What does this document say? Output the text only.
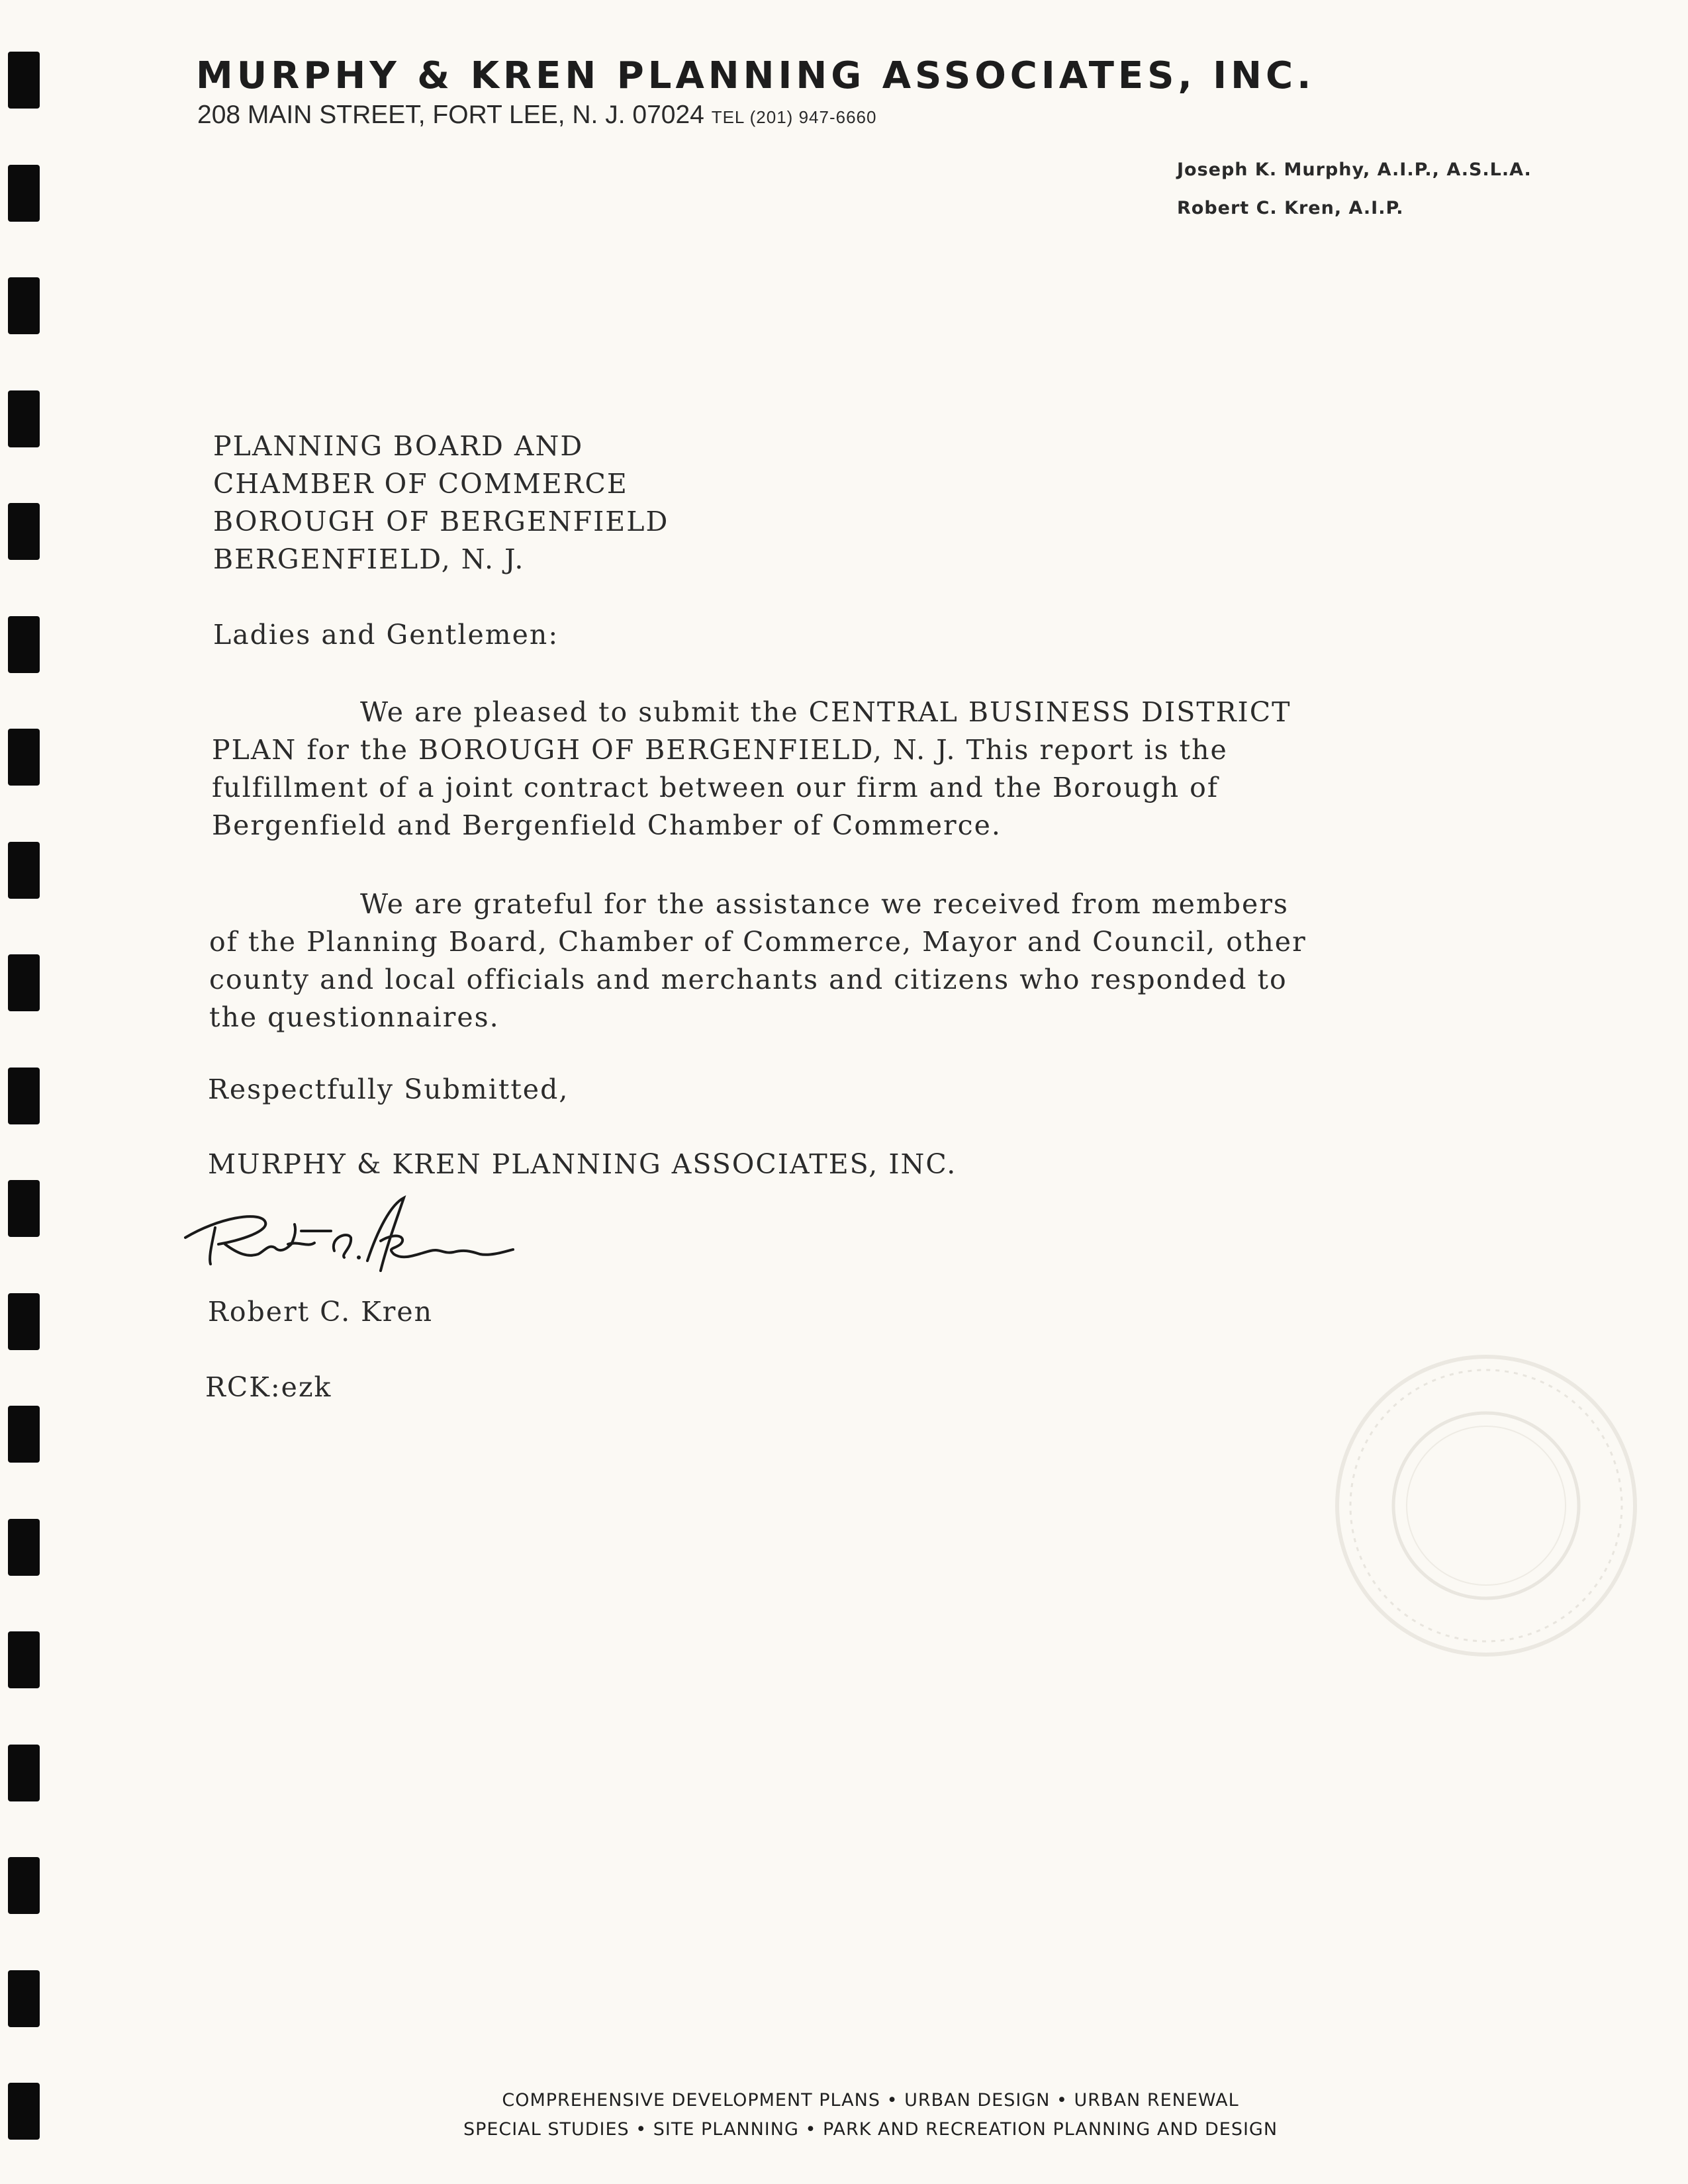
MURPHY & KREN PLANNING ASSOCIATES, INC.
208 MAIN STREET, FORT LEE, N. J. 07024 TEL (201) 947-6660
Joseph K. Murphy, A.I.P., A.S.L.A.
Robert C. Kren, A.I.P.
PLANNING BOARD AND
CHAMBER OF COMMERCE
BOROUGH OF BERGENFIELD
BERGENFIELD, N. J.
Ladies and Gentlemen:
We are pleased to submit the CENTRAL BUSINESS DISTRICT
PLAN for the BOROUGH OF BERGENFIELD, N. J. This report is the
fulfillment of a joint contract between our firm and the Borough of
Bergenfield and Bergenfield Chamber of Commerce.
We are grateful for the assistance we received from members
of the Planning Board, Chamber of Commerce, Mayor and Council, other
county and local officials and merchants and citizens who responded to
the questionnaires.
Respectfully Submitted,
MURPHY & KREN PLANNING ASSOCIATES, INC.
Robert C. Kren
RCK:ezk
COMPREHENSIVE DEVELOPMENT PLANS • URBAN DESIGN • URBAN RENEWAL
SPECIAL STUDIES • SITE PLANNING • PARK AND RECREATION PLANNING AND DESIGN
